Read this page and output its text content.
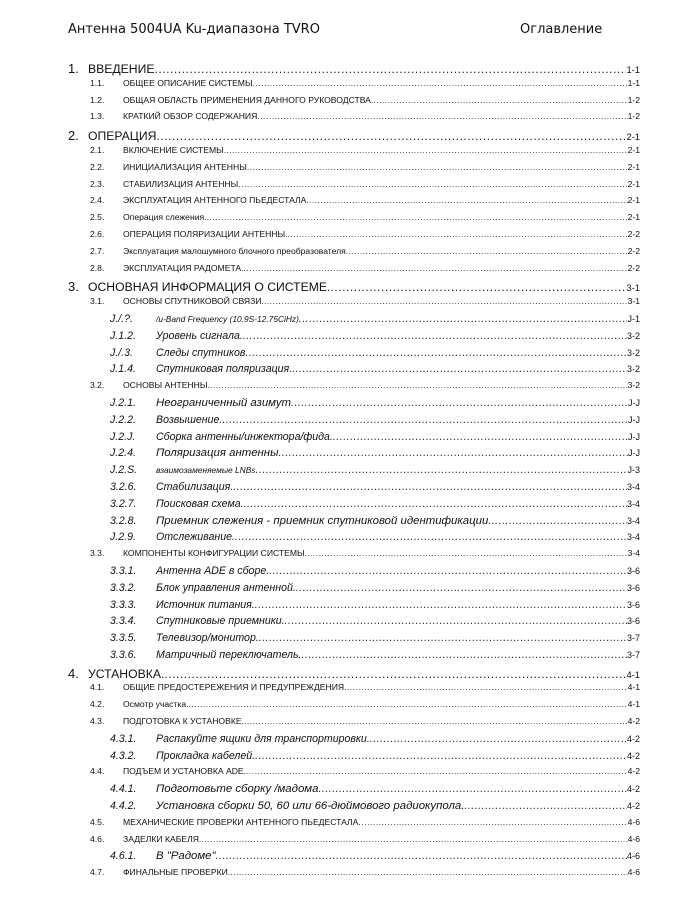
Антенна 5004UA Ku-диапазона TVRO	Оглавление
1. ВВЕДЕНИЕ .....	1-1
1.1.	ОБЩЕЕ ОПИСАНИЕ СИСТЕМЫ .....	1-1
1.2.	ОБЩАЯ ОБЛАСТЬ ПРИМЕНЕНИЯ ДАННОГО РУКОВОДСТВА. .....	1-2
1.3.	КРАТКИЙ ОБЗОР СОДЕРЖАНИЯ .....	1-2
2. ОПЕРАЦИЯ .....	2-1
2.1.	ВКЛЮЧЕНИЕ СИСТЕМЫ. .....	2-1
2.2.	ИНИЦИАЛИЗАЦИЯ АНТЕННЫ .....	2-1
2.3.	СТАБИЛИЗАЦИЯ АНТЕННЫ .....	2-1
2.4.	ЭКСПЛУАТАЦИЯ АНТЕННОГО ПЬЕДЕСТАЛА. .....	2-1
2.5.	Операция слежения. .....	2-1
2.6.	ОПЕРАЦИЯ ПОЛЯРИЗАЦИИ АНТЕННЫ. .....	2-2
2.7.	Эксплуатация малошумного блочного преобразователя. .....	2-2
2.8.	ЭКСПЛУАТАЦИЯ РАДОМЕТА. .....	2-2
3. ОСНОВНАЯ ИНФОРМАЦИЯ О СИСТЕМЕ. .....	3-1
3.1.	ОСНОВЫ СПУТНИКОВОЙ СВЯЗИ. .....	3-1
J./.?.	/u-Band Frequency (10.9S-12.75CiHz) .....	J-1
J.1.2.	Уровень сигнала. .....	3-2
J./.3.	Следы спутников .....	3-2
J.1.4.	Спутниковая поляризация. .....	3-2
3.2.	ОСНОВЫ АНТЕННЫ. .....	3-2
J.2.1.	Неограниченный азимут .....	J-J
J.2.2.	Возвышение. .....	J-J
J.2.J.	Сборка антенны/инжектора/фида. .....	J-J
J.2.4.	Поляризация антенны .....	J-J
J.2.S.	взаимозаменяемые LNBs .....	J-3
3.2.6.	Стабилизация. .....	3-4
3.2.7.	Поисковая схема. .....	3-4
3.2.8.	Приемник слежения - приемник спутниковой идентификации .....	3-4
J.2.9.	Отслеживание. .....	3-4
3.3.	КОМПОНЕНТЫ КОНФИГУРАЦИИ СИСТЕМЫ. .....	3-4
3.3.1.	Антенна ADE в сборе. .....	3-6
3.3.2.	Блок управления антенной. .....	3-6
3.3.3.	Источник питания. .....	3-6
3.3.4.	Спутниковые приемники. .....	3-6
3.3.5.	Телевизор/монитор. .....	3-7
3.3.6.	Матричный переключатель. .....	3-7
4. УСТАНОВКА. .....	4-1
4.1.	ОБЩИЕ ПРЕДОСТЕРЕЖЕНИЯ И ПРЕДУПРЕЖДЕНИЯ .....	4-1
4.2.	Осмотр участка. .....	4-1
4.3.	ПОДГОТОВКА К УСТАНОВКЕ. .....	4-2
4.3.1.	Распакуйте ящики для транспортировки. .....	4-2
4.3.2.	Прокладка кабелей. .....	4-2
4.4.	ПОДЪЕМ И УСТАНОВКА ADE. .....	4-2
4.4.1.	Подготовьте сборку /мадома .....	4-2
4.4.2.	Установка сборки 50, 60 или 66-дюймового радиокупола. .....	4-2
4.5.	МЕХАНИЧЕСКИЕ ПРОВЕРКИ АНТЕННОГО ПЬЕДЕСТАЛА .....	4-6
4.6.	ЗАДЕЛКИ КАБЕЛЯ. .....	4-6
4.6.1.	В "Радоме" .....	4-6
4.7.	ФИНАЛЬНЫЕ ПРОВЕРКИ. .....	4-6
